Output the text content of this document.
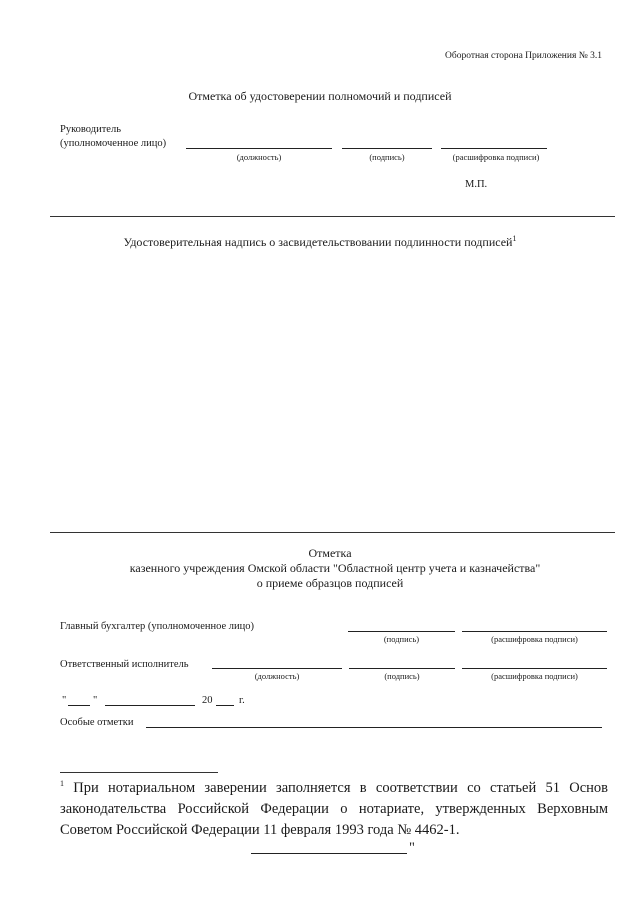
Оборотная сторона Приложения № 3.1
Отметка об удостоверении полномочий и подписей
Руководитель
(уполномоченное лицо)
(должность)	(подпись)	(расшифровка подписи)
М.П.
Удостоверительная надпись о засвидетельствовании подлинности подписей$^1$
Отметка
казенного учреждения Омской области "Областной центр учета и казначейства"
о приеме образцов подписей
Главный бухгалтер (уполномоченное лицо)
(подпись)	(расшифровка подписи)
Ответственный исполнитель
(должность)	(подпись)	(расшифровка подписи)
"	"	20	г.
Особые отметки
$^1$ При нотариальном заверении заполняется в соответствии со статьей 51 Основ законодательства Российской Федерации о нотариате, утвержденных Верховным Советом Российской Федерации 11 февраля 1993 года № 4462-1.
"
